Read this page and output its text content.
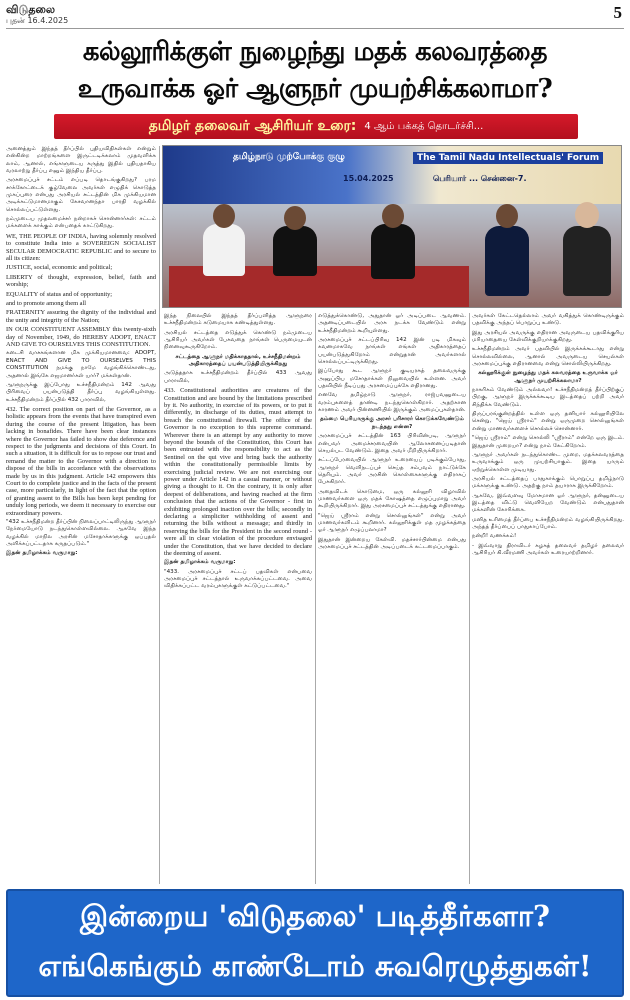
விடுதலை
புதன் 16.4.2025	5
கல்லூரிக்குள் நுழைந்து மதக் கலவரத்தை
உருவாக்க ஓர் ஆளுநர் முயற்சிக்கலாமா?
தமிழர் தலைவர் ஆசிரியர் உரை: 4 ஆம் பக்கத் தொடர்ச்சி...

அனைத்தும் இந்தத் தீர்ப்பில் புதியவிதிகள்கள் என்றும் என்கின்ற மாற்றங்களை இருட்டடிக்கலாம் முதவளிக்க லாம், ஆனால், எங்களுடைய கருத்து இதில் புதியதாகிய வரலாற்று தீர்ப்பு எனும் இந்திய தீர்ப்பு.

அரசமைப்புச் சட்டம் எப்படி தொடங்குகிறது? பரம சாக்கோட்டைக் குழ்வேலை அவர்கள் எழுதிக் கொடுத்த முகப்புரை என்பது அரசியல் சட்டத்தின் மிக முக்கியமான அடிக்கட்டுமானமாகும் கேசவானந்தா பாரதி வழக்கில் சொல்லப்பட்டுள்ளது.

நம்முடைய முதலமைச்சர் நன்றாகச் சொன்னார்கள்: சட்டம் மக்களைக் காக்கும் என்பதைக் காட்டுகிறது.

WE, THE PEOPLE OF INDIA, having solemnly resolved to constitute India into a SOVEREIGN SOCIALIST SECULAR DEMOCRATIC REPUBLIC and to secure to all its citizen:

JUSTICE, social, economic and political;

LIBERTY of thought, expression, belief, faith and worship;

EQUALITY of status and of opportunity;

and to promote among them all

FRATERNITY assuring the dignity of the individual and the unity and integrity of the Nation;

IN OUR CONSTITUENT ASSEMBLY this twenty-sixth day of November, 1949, do HEREBY ADOPT, ENACT AND GIVE TO OURSELVES THIS CONSTITUTION.

கடைசி வாசகங்களான மிக முக்கியமானவை: ADOPT, ENACT AND GIVE TO OURSELVES THIS CONSTITUTION நமக்கு நாமே வழங்கிக்கொண்டது, அதனால் இங்கே எஜமானர்கள் யார்? மக்கள்தான்.

ஆளுநருக்கு இப்போது உச்சநீதிமன்றம் 142 ஆவது பிரிவைப் பயன்படுத்தி தீர்ப்பு வழங்கியுள்ளது. உச்சநீதிமன்றம் தீர்ப்பில் 432 பாராவில்,

432. The correct position on part of the Governor, as a holistic appears from the events that have transpired even during the course of the present litigation, has been lacking in bonafides. There have been clear instances where the Governor has failed to show due deference and respect to the judgments and decisions of this Court. In such a situation, it is difficult for us to repose our trust and remand the matter to the Governor with a direction to dispose of the bills in accordance with the observations made by us in this judgment. Article 142 empowers this Court to do complete justice and in the facts of the present case, more particularly, in light of the fact that the option of granting assent to the Bills has been kept pending for unduly long periods, we deem it necessary to exercise our extraordinary powers.

"432 உச்சநீதிமன்ற தீர்ப்பின் நிலைப்பாட்டிலிருந்து ஆளுநர் நேர்மையோடு நடந்துகொள்ளவில்லை. ஆகவே இந்த வழக்கில் மாநில அரசின் மசோதாக்களுக்கு ஒப்புதல் அளிக்கப்பட்டதாக கருதப்படும்."

இதன் தமிழாக்கம் வருமாறு:

தமிழ்நாடு முற்போக்கு குழு	The Tamil Nadu Intellectuals' Forum
15.04.2025	பெரியார் ... சென்னை-7.

இந்த நிலையில் இந்தத் தீர்ப்பளித்த ஆளுநரை உச்சநீதிமன்றம் கடுமையாக கண்டித்துள்ளது.

அரசியல் சட்டத்தை எடுத்துக் கொண்டு நம்முடைய ஆசிரியர் அவர்கள் பேசுவதை நாங்கள் பெருமையுடன் நினைவுகூருகிறோம்.

சட்டத்தை ஆளுநர் மதிக்காததால், உச்சநீதிமன்றம் அதிகாரத்தைப் பயன்படுத்தியிருக்கிறது

அடுத்ததாக உச்சநீதிமன்றம் தீர்ப்பில் 433 ஆவது பாராவில்,

433. Constitutional authorities are creatures of the Constitution and are bound by the limitations prescribed by it. No authority, in exercise of its powers, or to put it differently, in discharge of its duties, must attempt to breach the constitutional firewall. The office of the Governor is no exception to this supreme command. Wherever there is an attempt by any authority to move beyond the bounds of the Constitution, this Court has been entrusted with the responsibility to act as the Sentinel on the qui vive and bring back the authority within the constitutionally permissible limits by exercising judicial review. We are not exercising our power under Article 142 in a casual manner, or without giving a thought to it. On the contrary, it is only after deepest of deliberations, and having reached at the firm conclusion that the actions of the Governor - first in exhibiting prolonged inaction over the bills; secondly in declaring a simpliciter withholding of assent and returning the bills without a message; and thirdly in reserving the bills for the President in the second round - were all in clear violation of the procedure envisaged under the Constitution, that we have decided to declare the deeming of assent.

இதன் தமிழாக்கம் வருமாறு:

"433. அரசமைப்புச் சட்டப் பதவிகள் என்பவை அரசமைப்புச் சட்டத்தால் உருவாக்கப்பட்டவை. அவை விதிக்கப்பட்ட வரம்புகளுக்குள் கட்டுப்பட்டவை."

எடுத்துக்கொண்டு, அதுதான் ஓர் அடிப்படை ஆவணம். அதனடிப்படையில் அரசு நடக்க வேண்டும் என்று உச்சநீதிமன்றம் கூறியுள்ளது.

அரசமைப்புச் சட்டப்பிரிவு 142 இன் படி மிகவும் கவனமாகவே நாங்கள் எங்கள் அதிகாரத்தைப் பயன்படுத்துகிறோம் என்றுதான் அவர்களால் சொல்லப்பட்டிருக்கிறது.

இப்போது கூட ஆளுநர் குடியரசுத் தலைவருக்கு அனுப்பிய மசோதாக்கள் நிலுவையில் உள்ளன. அவர் பதவியில் நீடிப்பது அரசமைப்புக்கே எதிரானது.

எனவே தமிழ்நாடு ஆளுநர், ராஜ்பவனுடைய வரம்புகளைத் தாண்டி நடந்துகொள்கிறார். அதற்கான காரணம் அவர் பின்னணியில் இருக்கும் அமைப்புகள்தான்.

தம்மை பெரியாருக்கு அரசர் பரிசாரர் கொடுக்கவேண்டும் நடந்தது என்ன?

அரசமைப்புச் சட்டத்தின் 163 பிரிவின்படி, ஆளுநர் என்பவர் அமைச்சரவையின் ஆலோசனைப்படிதான் செயல்பட வேண்டும். இதை அவர் மீறியிருக்கிறார்.

சட்டப்பேரவையில் ஆளுநர் உரையைப் படிக்கும்போது, ஆளுநர் வெளிநடப்புச் செய்த சம்பவம் நாட்டுக்கே தெரியும். அவர் அரசின் கொள்கைகளுக்கு எதிராகப் பேசுகிறார்.

அதைவிடக் கொடுமை, ஒரு கல்லூரி விழாவில் மாணவர்களை ஒரு மதக் கோஷத்தை எழுப்புமாறு அவர் கூறியிருக்கிறார். இது அரசமைப்புச் சட்டத்துக்கு எதிரானது.

"ஜெய் ஸ்ரீராம் என்று சொல்லுங்கள்" என்று அவர் மாணவர்களிடம் கூறினார். கல்லூரிக்குள் மத முழக்கத்தை ஓர் ஆளுநர் எழுப்பலாமா?

இதுதான் இன்றைய கேள்வி. மதச்சார்பின்மை என்பது அரசமைப்புச் சட்டத்தின் அடிப்படைக் கட்டமைப்பாகும்.

அவர்கள் கேட்டதெல்லாம் அவர் வகித்துக் கொண்டிருக்கும் பதவிக்கு அந்தப் பொறுப்பு உண்டு.

இது அரசியல் அவருக்கு எதிரான அவருடைய பதவிக்குரிய மரியாதையை கேள்விக்குறியாக்குகிறது.

உச்சநீதிமன்றம் அவர் பதவியில் இருக்கக்கூடாது என்று சொல்லவில்லை, ஆனால் அவருடைய செயல்கள் அரசமைப்புக்கு எதிரானவை என்று சொல்லியிருக்கிறது.

கல்லூரிக்குள் நுழைந்து மதக் கலவரத்தை உருவாக்க ஓர் ஆளுநர் முயற்சிக்கலாமா?

நாகரிகம் வேண்டும் அல்லவா! உச்சநீதிமன்றத் தீர்ப்பிற்குப் பிறகு, ஆளுநர் இருக்கக்கூடிய இடத்தைப் பற்றி அவர் சிந்திக்க வேண்டும்.

திருப்பரங்குன்றத்தில் உள்ள ஒரு தனியார் கல்லூரியிலே சென்று, "ஜெய் ஸ்ரீராம்" என்று ஒருமுறை சொல்லுங்கள் என்று மாணவர்களைச் சொல்லச் சொன்னார்.

"ஜெய் ஸ்ரீராம்" என்று சொல்லி "ஸ்ரீராம்" என்றே ஒரு இடம். இதுதான் முறையா? என்று நாம் கேட்கிறோம்.

ஆளுநர் அவர்கள் நடந்துகொண்ட முறை, மதக்கலவரத்தை உருவாக்கும் ஒரு முயற்சியாகும். இதை யாரும் ஏற்றுக்கொள்ள முடியாது.

அரசியல் சட்டத்தைப் பாதுகாக்கும் பொறுப்பு தமிழ்நாடு மக்களுக்கு உண்டு. அதற்கு நாம் தயாராக இருக்கிறோம்.

ஆகவே, இவ்வளவு மோசமான ஓர் ஆளுநர், தன்னுடைய இடத்தை விட்டு வெளியேற வேண்டும் என்பதுதான் மக்களின் கோரிக்கை.

மனித உரிமைத் தீர்ப்பை உச்சநீதிமன்றம் வழங்கியிருக்கிறது. அந்தத் தீர்ப்பைப் பாதுகாப்போம்.

நன்றி! வணக்கம்!

- இவ்வாறு திராவிடர் கழகத் தலைவர் தமிழர் தலைவர் ஆசிரியர் கி.வீரமணி அவர்கள் உரையாற்றினார்.

இன்றைய 'விடுதலை' படித்தீர்களா?
எங்கெங்கும் காண்டோம் சுவரெழுத்துகள்!
